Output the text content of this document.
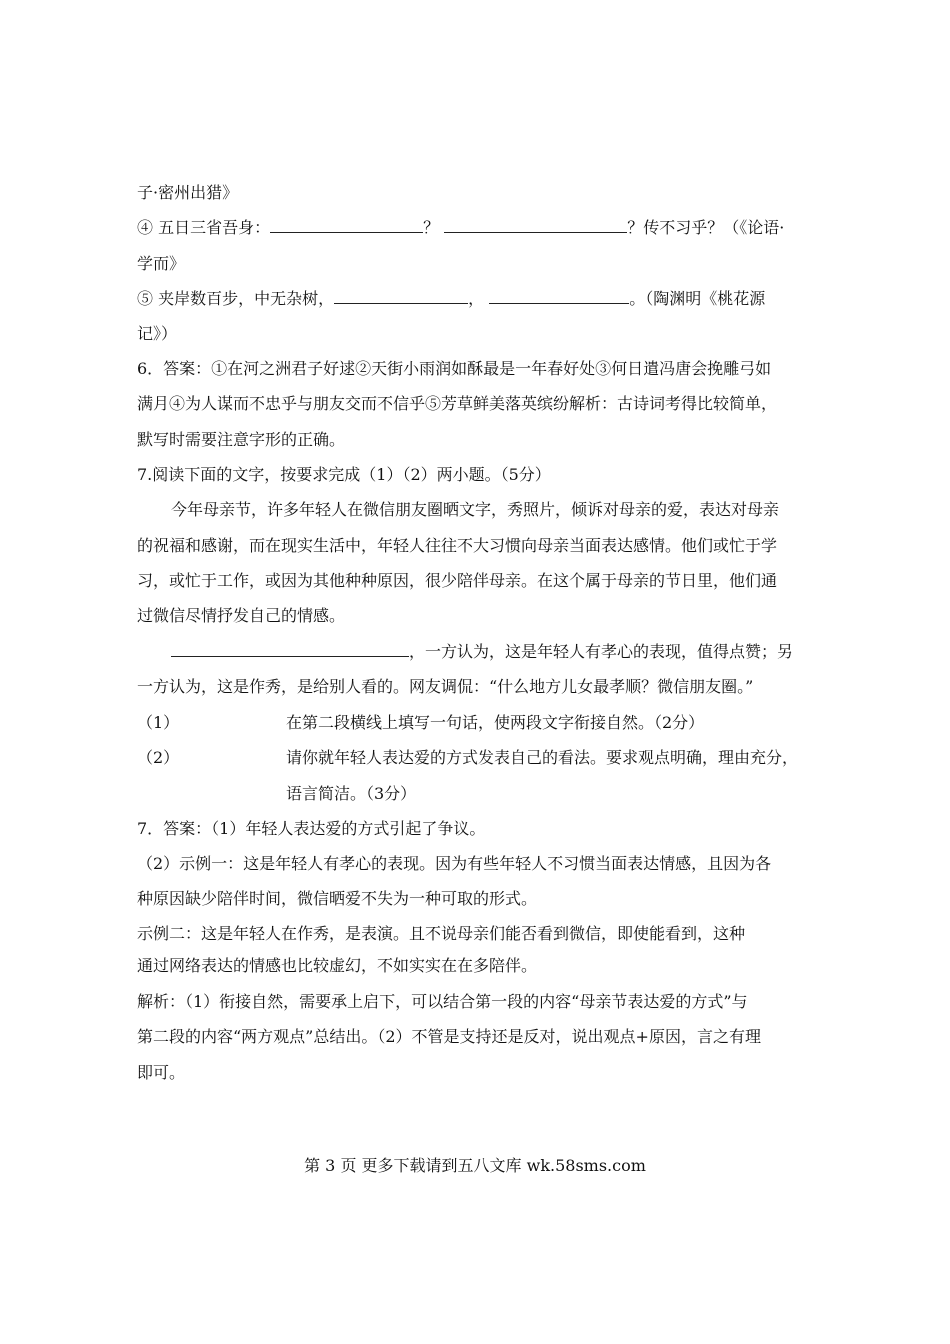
子·密州出猎》
④ 五日三省吾身：	？	？传不习乎？（《论语·
学而》
⑤ 夹岸数百步，中无杂树，	，	。（陶渊明《桃花源
记》）
6．答案：①在河之洲君子好逑②天街小雨润如酥最是一年春好处③何日遣冯唐会挽雕弓如
满月④为人谋而不忠乎与朋友交而不信乎⑤芳草鲜美落英缤纷解析：古诗词考得比较简单，
默写时需要注意字形的正确。
7.阅读下面的文字，按要求完成（1）（2）两小题。（5分）
今年母亲节，许多年轻人在微信朋友圈晒文字，秀照片，倾诉对母亲的爱，表达对母亲
的祝福和感谢，而在现实生活中，年轻人往往不大习惯向母亲当面表达感情。他们或忙于学
习，或忙于工作，或因为其他种种原因，很少陪伴母亲。在这个属于母亲的节日里，他们通
过微信尽情抒发自己的情感。
，一方认为，这是年轻人有孝心的表现，值得点赞；另
一方认为，这是作秀，是给别人看的。网友调侃：“什么地方儿女最孝顺？微信朋友圈。”
（1）	在第二段横线上填写一句话，使两段文字衔接自然。（2分）
（2）	请你就年轻人表达爱的方式发表自己的看法。要求观点明确，理由充分，
语言简洁。（3分）
7．答案：（1）年轻人表达爱的方式引起了争议。
（2）示例一：这是年轻人有孝心的表现。因为有些年轻人不习惯当面表达情感，且因为各
种原因缺少陪伴时间，微信晒爱不失为一种可取的形式。
示例二：这是年轻人在作秀，是表演。且不说母亲们能否看到微信，即使能看到，这种
通过网络表达的情感也比较虚幻，不如实实在在多陪伴。
解析：（1）衔接自然，需要承上启下，可以结合第一段的内容“母亲节表达爱的方式”与
第二段的内容“两方观点”总结出。（2）不管是支持还是反对，说出观点+原因，言之有理
即可。
第 3 页 更多下载请到五八文库 wk.58sms.com
